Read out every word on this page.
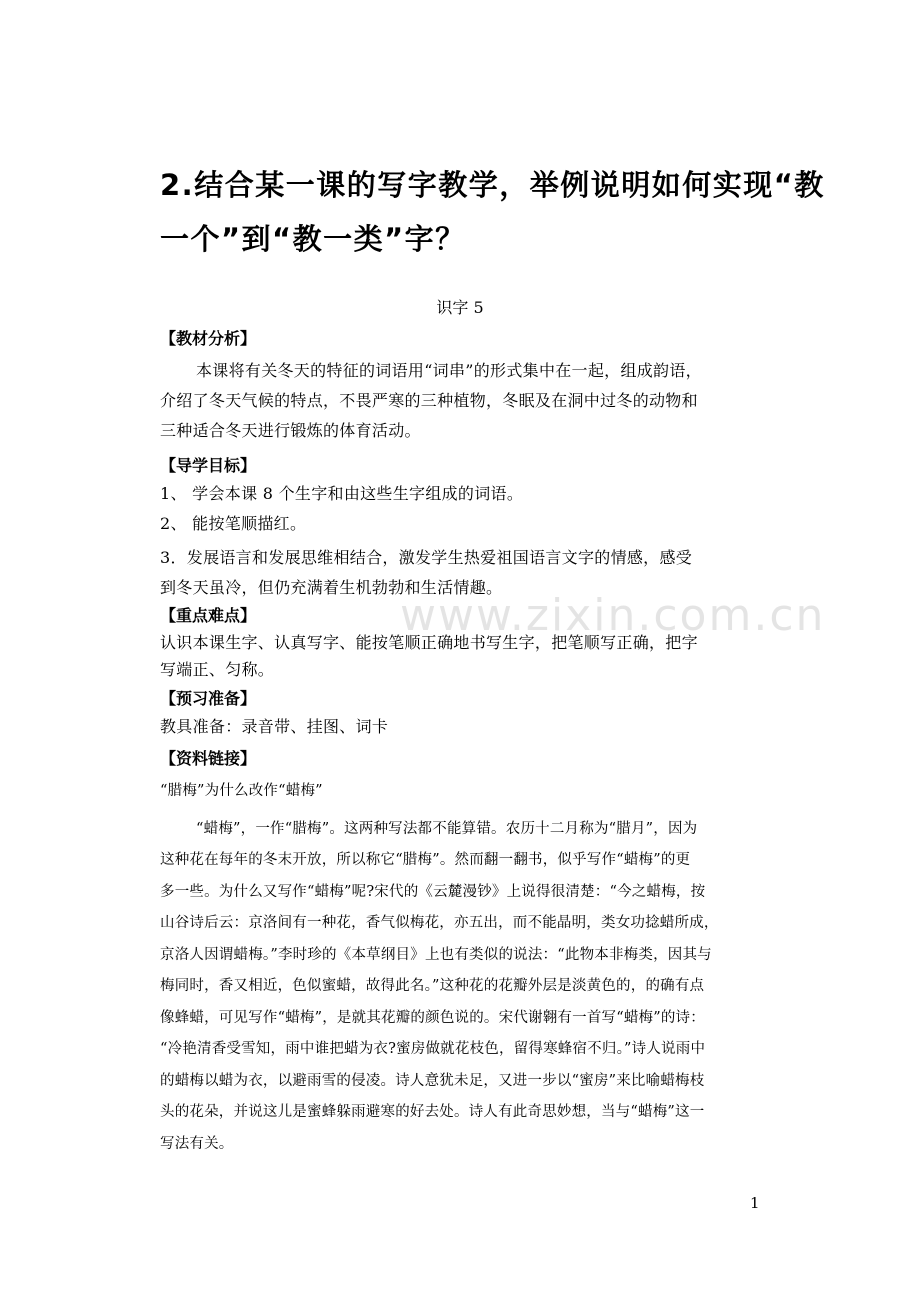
2.结合某一课的写字教学，举例说明如何实现“教
一个”到“教一类”字？
识字 5
【教材分析】
本课将有关冬天的特征的词语用“词串”的形式集中在一起，组成韵语，
介绍了冬天气候的特点，不畏严寒的三种植物，冬眠及在洞中过冬的动物和
三种适合冬天进行锻炼的体育活动。
【导学目标】
1、 学会本课 8 个生字和由这些生字组成的词语。
2、 能按笔顺描红。
3．发展语言和发展思维相结合，激发学生热爱祖国语言文字的情感，感受
到冬天虽冷，但仍充满着生机勃勃和生活情趣。
【重点难点】
认识本课生字、认真写字、能按笔顺正确地书写生字，把笔顺写正确，把字
写端正、匀称。
【预习准备】
教具准备：录音带、挂图、词卡
【资料链接】
“腊梅”为什么改作“蜡梅”
“蜡梅”，一作“腊梅”。这两种写法都不能算错。农历十二月称为“腊月”，因为
这种花在每年的冬末开放，所以称它“腊梅”。然而翻一翻书，似乎写作“蜡梅”的更
多一些。为什么又写作“蜡梅”呢?宋代的《云麓漫钞》上说得很清楚：“今之蜡梅，按
山谷诗后云：京洛间有一种花，香气似梅花，亦五出，而不能晶明，类女功捻蜡所成，
京洛人因谓蜡梅。”李时珍的《本草纲目》上也有类似的说法：“此物本非梅类，因其与
梅同时，香又相近，色似蜜蜡，故得此名。”这种花的花瓣外层是淡黄色的，的确有点
像蜂蜡，可见写作“蜡梅”，是就其花瓣的颜色说的。宋代谢翱有一首写“蜡梅”的诗：
“冷艳清香受雪知，雨中谁把蜡为衣?蜜房做就花枝色，留得寒蜂宿不归。”诗人说雨中
的蜡梅以蜡为衣，以避雨雪的侵凌。诗人意犹未足，又进一步以“蜜房”来比喻蜡梅枝
头的花朵，并说这儿是蜜蜂躲雨避寒的好去处。诗人有此奇思妙想，当与“蜡梅”这一
写法有关。
www.zixin.com.cn
1
